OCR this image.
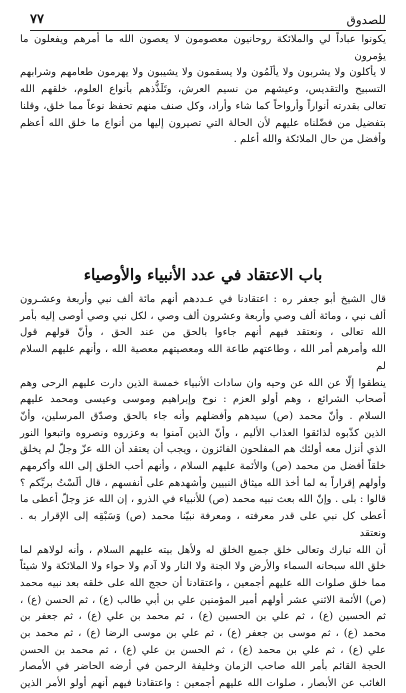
للصدوق
٧٧

يكونوا عباداً لي والملائكة روحانيون معصومون لا يعصون الله ما أمرهم ويفعلون ما يؤمرون

لا يأكلون ولا يشربون ولا يألَمُون ولا يسقمون ولا يشيبون ولا يهرمون طعامهم وشرابهم

التسبيح والتقديس، وعيشهم من نسيم العرش، وتَلَذُّذهم بأنواع العلوم، خلقهم الله

تعالى بقدرته أنواراً وأرواحاً كما شاء وأراد، وكل صنف منهم تحفظ نوعاً مما خلق، وقلنا

بتفضيل من فضّلناه عليهم لأن الحالة التي تصيرون إليها من أنواع ما خلق الله أعظم

وأفضل من حال الملائكة والله أعلم .

باب الاعتقاد في عدد الأنبياء والأوصياء

قال الشيخ أبو جعفر ره : اعتقادنا في عـددهم أنهم مائة ألف نبي وأربعة وعشـرون

ألف نبي ، ومائة ألف وصي وأربعة وعشرون ألف وصي ، لكل نبي وصي أوصى إليه بأمر

الله تعالى ، ونعتقد فيهم أنهم جاءوا بالحق من عند الحق ، وأنّ قولهم قول

الله وأمرهم أمر الله ، وطاعتهم طاعة الله ومعصيتهم معصية الله ، وأنهم عليهم السلام لم

ينطقوا إلّا عن الله عن وحيه وان سادات الأنبياء خمسة الذين دارت عليهم الرحى وهم

أصحاب الشرائع ، وهم أولو العزم : نوح وإبراهيم وموسى وعيسى ومحمد عليهم

السلام . وأنّ محمد (ص) سيدهم وأفضلهم وأنه جاء بالحق وصدّق المرسلين، وأنّ

الذين كذّبوه لذائقوا العذاب الأليم ، وأنّ الذين آمنوا به وعزروه ونصروه واتبعوا النور

الذي أنزل معه أولئك هم المفلحون الفائزون ، ويجب أن يعتقد أن الله عزّ وجلّ لم يخلق

خلقاً أفضل من محمد (ص) والأئمة عليهم السلام ، وأنهم أحب الخلق إلى الله وأكرمهم

وأولهم إقراراً به لما أخذ الله ميثاق النبيين وأشهدهم على أنفسهم ، قال ألَسْتُ بربِّكم ؟

قالوا : بلى . وإنّ الله بعث نبيه محمد (ص) للأنبياء في الذرو ، إن الله عز وجلّ أعطى ما

أعطى كل نبي على قدر معرفته ، ومعرفة نبيّنا محمد (ص) وَسَبْقِه إلى الإقرار به . ونعتقد

أن الله تبارك وتعالى خلق جميع الخلق له ولأهل بيته عليهم السلام ، وأنه لولاهم لما

خلق الله سبحانه السماء والأرض ولا الجنة ولا النار ولا آدم ولا حواء ولا الملائكة ولا شيئاً

مما خلق صلوات الله عليهم أجمعين ، واعتقادنا أن حجج الله على خلقه بعد نبيه محمد

(ص) الأئمة الاثني عشر أولهم أمير المؤمنين علي بن أبي طالب (ع) ، ثم الحسن (ع) ،

ثم الحسين (ع) ، ثم علي بن الحسين (ع) ، ثم محمد بن علي (ع) ، ثم جعفر بن

محمد (ع) ، ثم موسى بن جعفر (ع) ، ثم علي بن موسى الرضا (ع) ، ثم محمد بن

علي (ع) ، ثم علي بن محمد (ع) ، ثم الحسن بن علي (ع) ، ثم محمد بن الحسن

الحجة القائم بأمر الله صاحب الزمان وخليفة الرحمن في أرضه الحاضر في الأمصار

الغائب عن الأبصار ، صلوات الله عليهم أجمعين : واعتقادنا فيهم أنهم أولو الأمر الذين
